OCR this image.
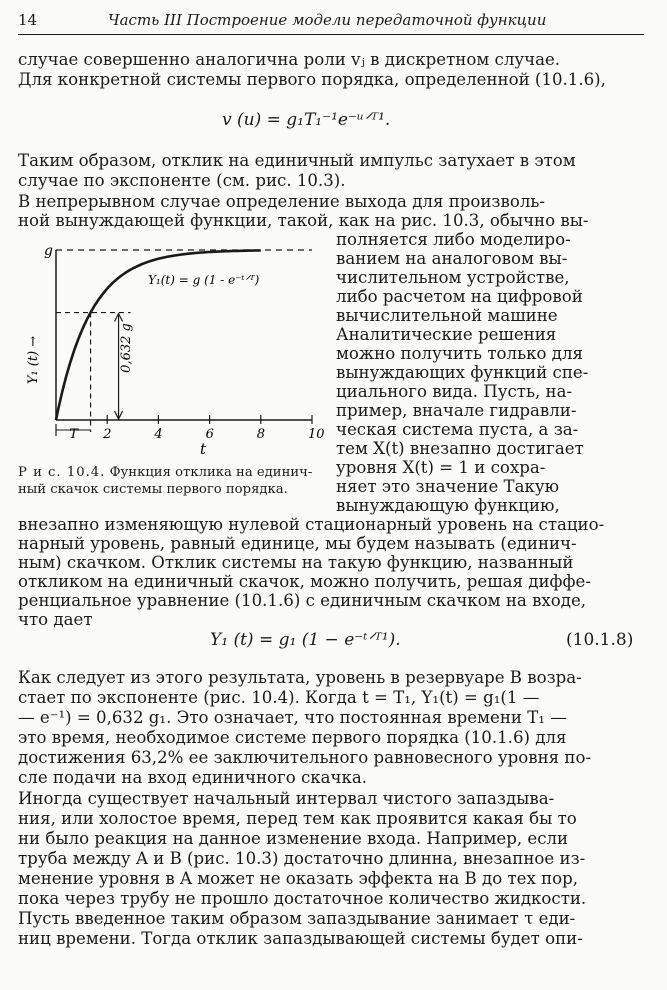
14	Часть III Построение модели передаточной функции
случае совершенно аналогична роли vⱼ в дискретном случае.
Для конкретной системы первого порядка, определенной (10.1.6),
v (u) = g₁T₁⁻¹e⁻ᵘᐟᵀ¹.
Таким образом, отклик на единичный импульс затухает в этом
случае по экспоненте (см. рис. 10.3).
В непрерывном случае определение выхода для произволь-
ной вынуждающей функции, такой, как на рис. 10.3, обычно вы-
полняется либо моделиро-
ванием на аналоговом вы-
числительном устройстве,
либо расчетом на цифровой
вычислительной машине
Аналитические решения
можно получить только для
вынуждающих функций спе-
циального вида. Пусть, на-
пример, вначале гидравли-
ческая система пуста, а за-
тем X(t) внезапно достигает
уровня X(t) = 1 и сохра-
няет это значение Такую
вынуждающую функцию,
g
Y₁(t) = g (1 - e⁻ᵗᐟᵀ)
Y₁ (t) →	0,632 g
t
T 2	4	6	8	10
Р и с. 10.4. Функция отклика на единич-
ный скачок системы первого порядка.
внезапно изменяющую нулевой стационарный уровень на стацио-
нарный уровень, равный единице, мы будем называть (единич-
ным) скачком. Отклик системы на такую функцию, названный
откликом на единичный скачок, можно получить, решая диффе-
ренциальное уравнение (10.1.6) с единичным скачком на входе,
что дает
Y₁ (t) = g₁ (1 − e⁻ᵗᐟᵀ¹).	(10.1.8)
Как следует из этого результата, уровень в резервуаре B возра-
стает по экспоненте (рис. 10.4). Когда t = T₁, Y₁(t) = g₁(1 —
— e⁻¹) = 0,632 g₁. Это означает, что постоянная времени T₁ —
это время, необходимое системе первого порядка (10.1.6) для
достижения 63,2% ее заключительного равновесного уровня по-
сле подачи на вход единичного скачка.
Иногда существует начальный интервал чистого запаздыва-
ния, или холостое время, перед тем как проявится какая бы то
ни было реакция на данное изменение входа. Например, если
труба между A и B (рис. 10.3) достаточно длинна, внезапное из-
менение уровня в A может не оказать эффекта на B до тех пор,
пока через трубу не прошло достаточное количество жидкости.
Пусть введенное таким образом запаздывание занимает τ еди-
ниц времени. Тогда отклик запаздывающей системы будет опи-
